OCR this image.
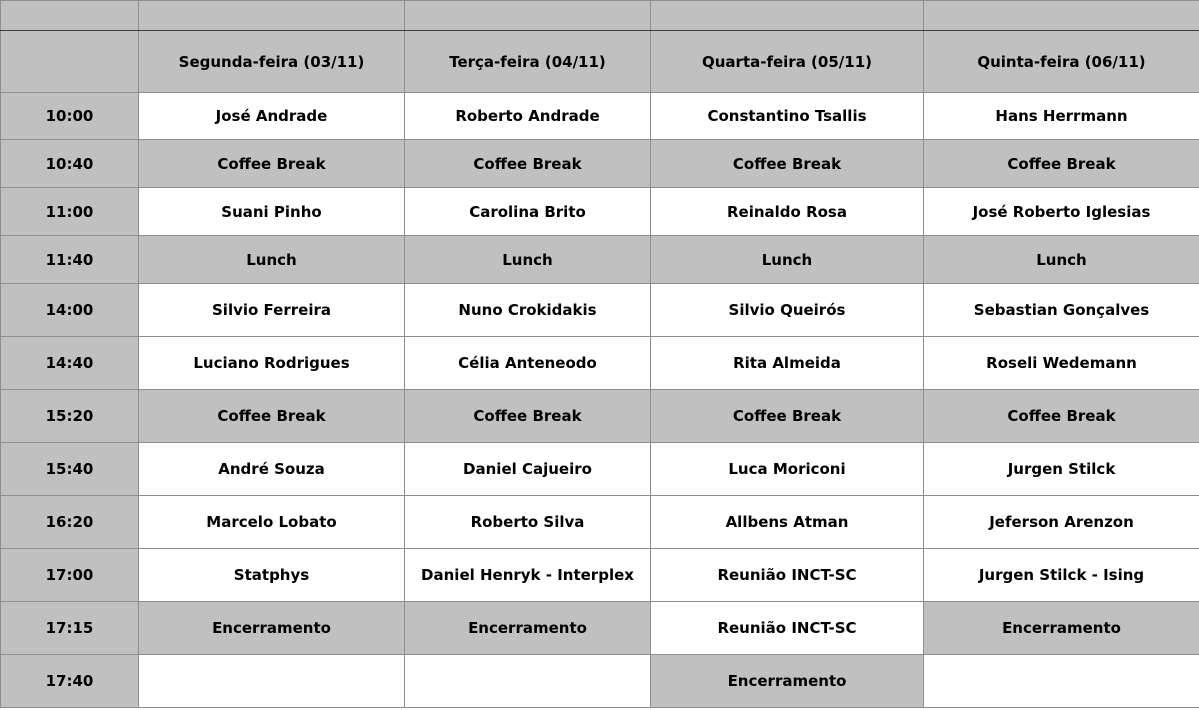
	Segunda-feira (03/11)	Terça-feira (04/11)	Quarta-feira (05/11)	Quinta-feira (06/11)
10:00	José Andrade	Roberto Andrade	Constantino Tsallis	Hans Herrmann
10:40	Coffee Break	Coffee Break	Coffee Break	Coffee Break
11:00	Suani Pinho	Carolina Brito	Reinaldo Rosa	José Roberto Iglesias
11:40	Lunch	Lunch	Lunch	Lunch
14:00	Silvio Ferreira	Nuno Crokidakis	Silvio Queirós	Sebastian Gonçalves
14:40	Luciano Rodrigues	Célia Anteneodo	Rita Almeida	Roseli Wedemann
15:20	Coffee Break	Coffee Break	Coffee Break	Coffee Break
15:40	André Souza	Daniel Cajueiro	Luca Moriconi	Jurgen Stilck
16:20	Marcelo Lobato	Roberto Silva	Allbens Atman	Jeferson Arenzon
17:00	Statphys	Daniel Henryk - Interplex	Reunião INCT-SC	Jurgen Stilck - Ising
17:15	Encerramento	Encerramento	Reunião INCT-SC	Encerramento
17:40			Encerramento	
